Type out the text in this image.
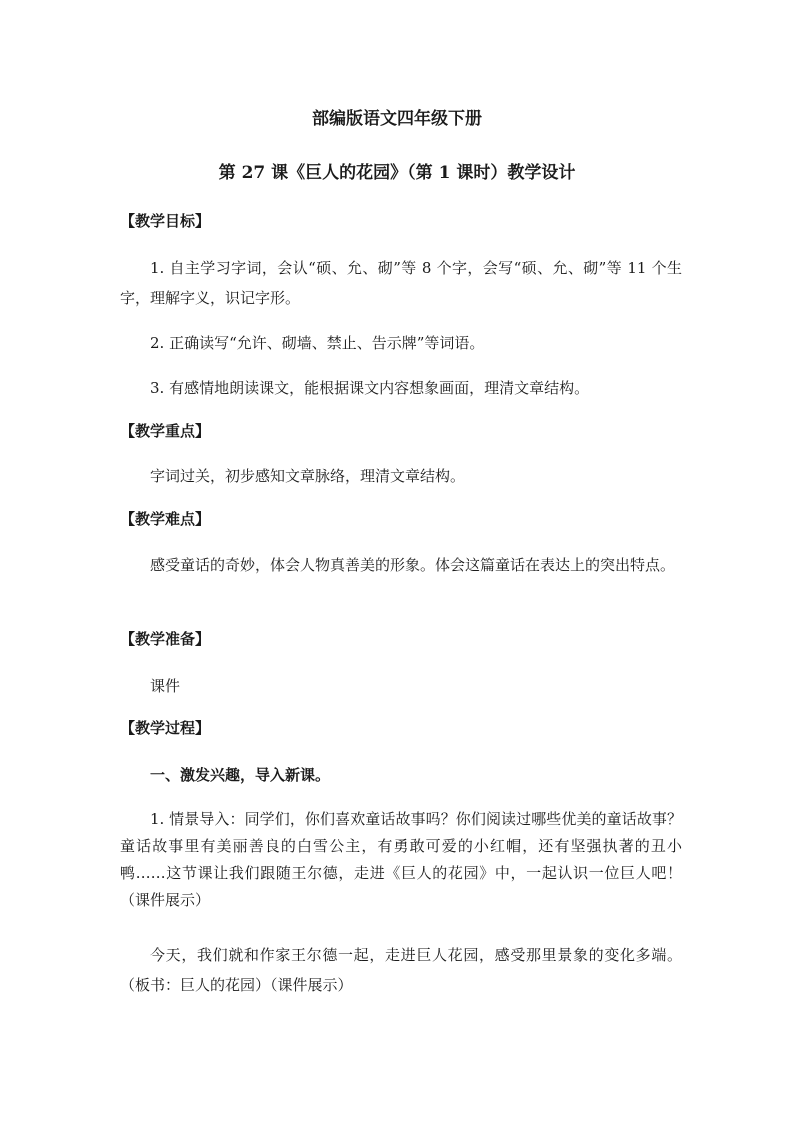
部编版语文四年级下册
第 27 课《巨人的花园》（第 1 课时）教学设计
【教学目标】
1. 自主学习字词，会认“硕、允、砌”等 8 个字，会写“硕、允、砌”等 11 个生字，理解字义，识记字形。
2. 正确读写“允许、砌墙、禁止、告示牌”等词语。
3. 有感情地朗读课文，能根据课文内容想象画面，理清文章结构。
【教学重点】
字词过关，初步感知文章脉络，理清文章结构。
【教学难点】
感受童话的奇妙，体会人物真善美的形象。体会这篇童话在表达上的突出特点。
【教学准备】
课件
【教学过程】
一、激发兴趣，导入新课。
1. 情景导入：同学们，你们喜欢童话故事吗？你们阅读过哪些优美的童话故事？ 童话故事里有美丽善良的白雪公主，有勇敢可爱的小红帽，还有坚强执著的丑小鸭……这节课让我们跟随王尔德，走进《巨人的花园》中，一起认识一位巨人吧！（课件展示）
今天，我们就和作家王尔德一起，走进巨人花园，感受那里景象的变化多端。（板书：巨人的花园）（课件展示）
